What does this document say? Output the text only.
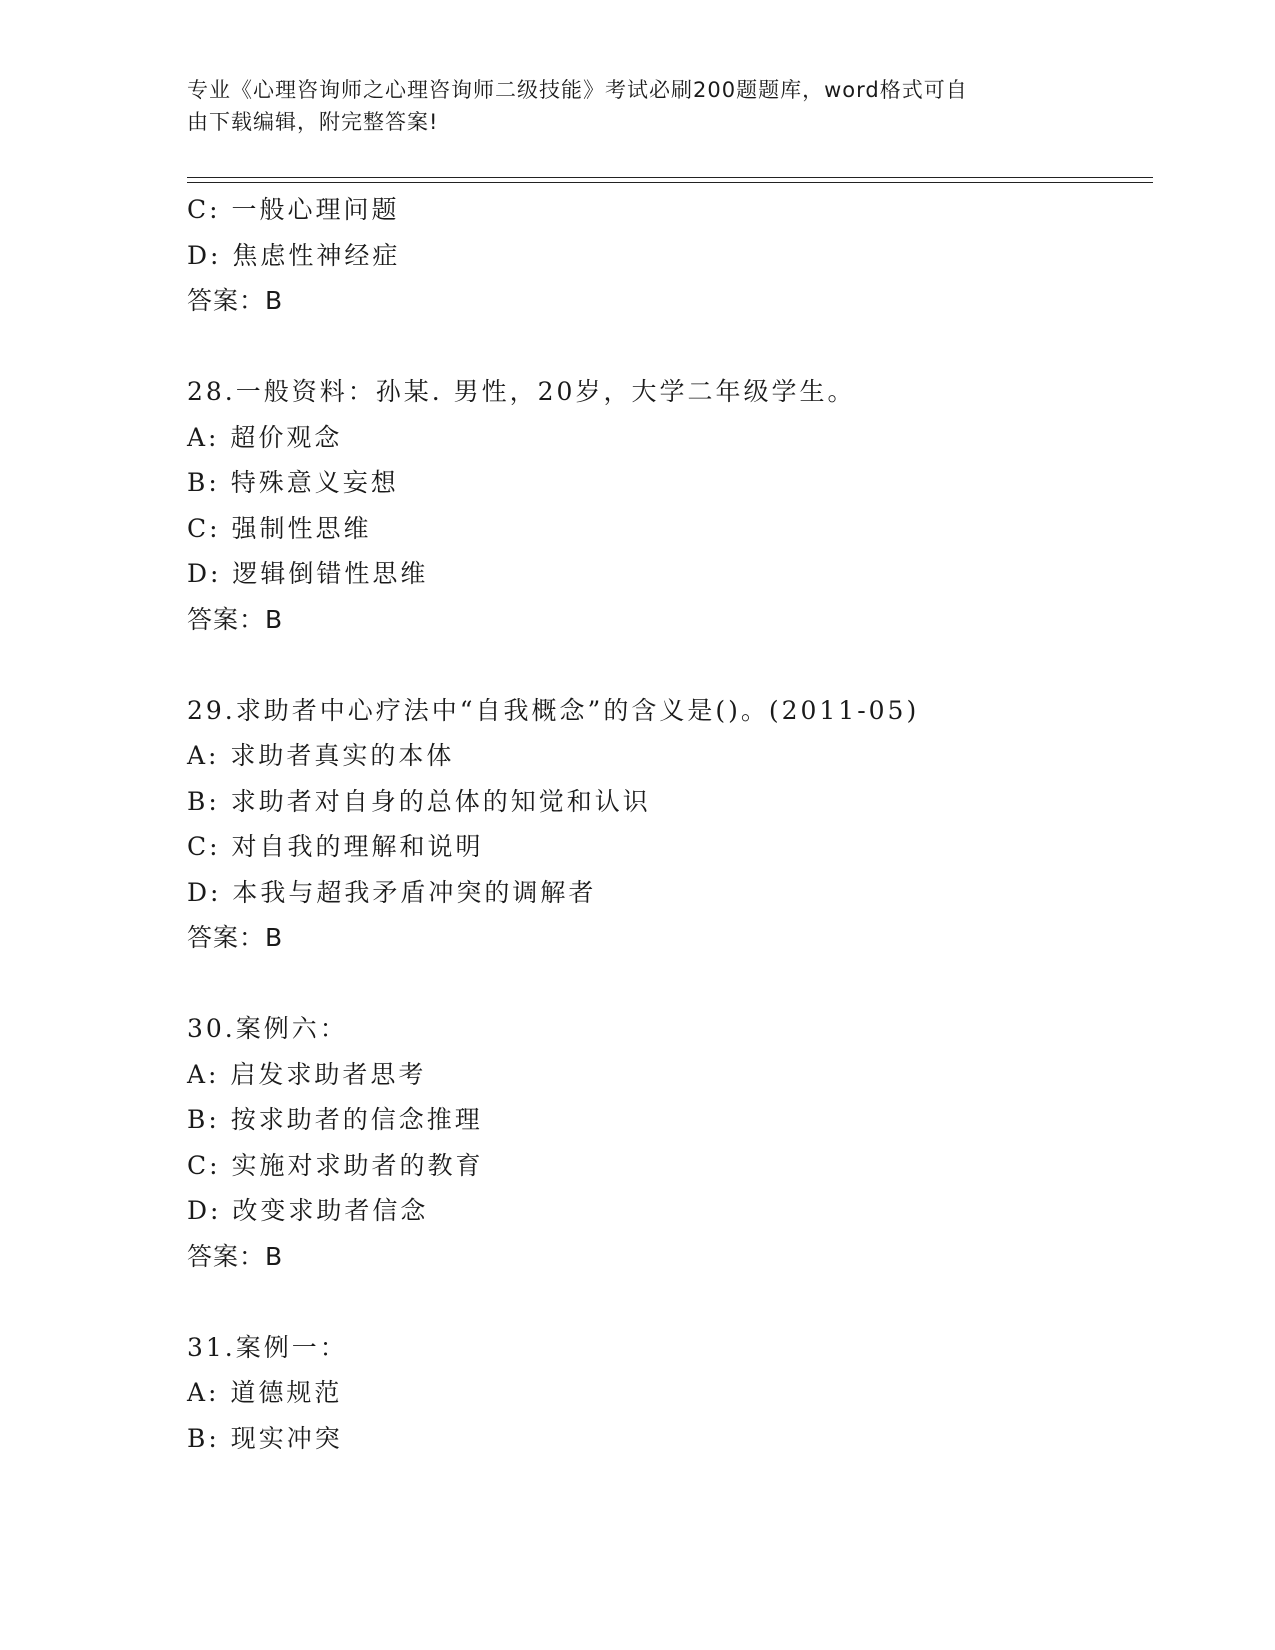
专业《心理咨询师之心理咨询师二级技能》考试必刷200题题库，word格式可自
由下载编辑，附完整答案!

C: 一般心理问题

D: 焦虑性神经症

答案：B

28.一般资料：孙某. 男性，20岁，大学二年级学生。

A: 超价观念

B: 特殊意义妄想

C: 强制性思维

D: 逻辑倒错性思维

答案：B

29.求助者中心疗法中“自我概念”的含义是()。(2011-05)

A: 求助者真实的本体

B: 求助者对自身的总体的知觉和认识

C: 对自我的理解和说明

D: 本我与超我矛盾冲突的调解者

答案：B

30.案例六：

A: 启发求助者思考

B: 按求助者的信念推理

C: 实施对求助者的教育

D: 改变求助者信念

答案：B

31.案例一：

A: 道德规范

B: 现实冲突
